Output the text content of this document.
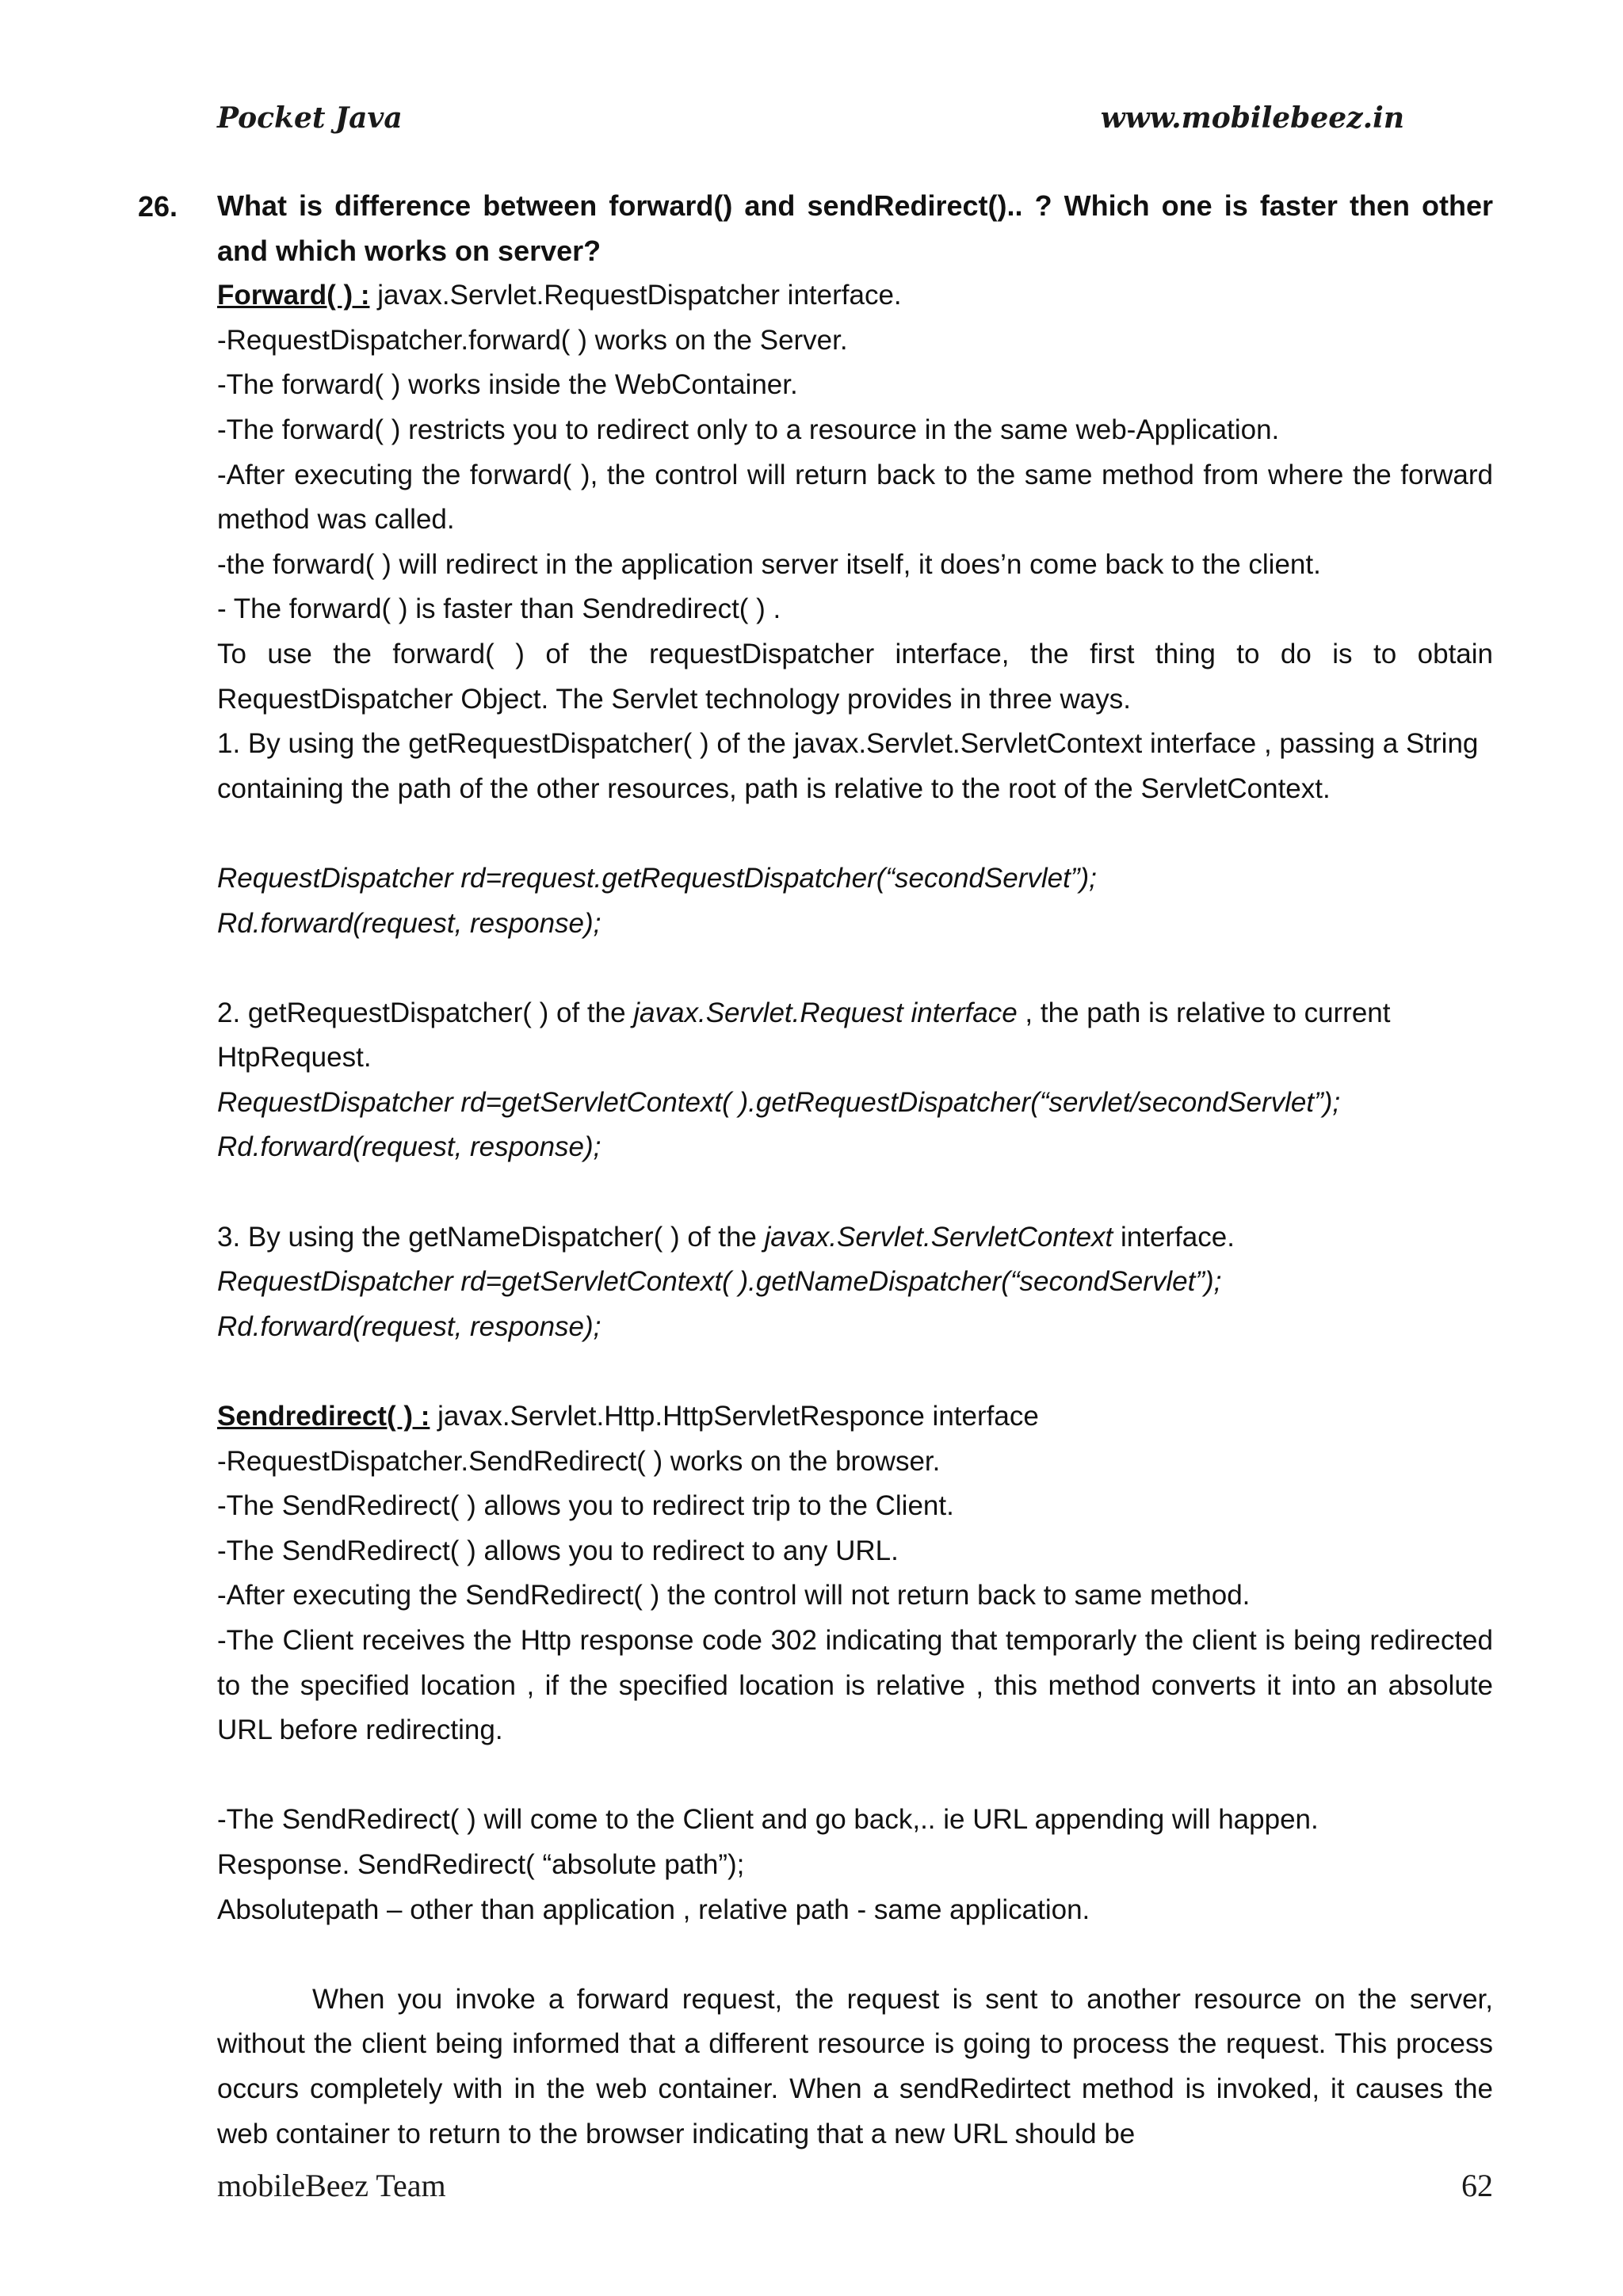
Pocket Java	www.mobilebeez.in
26. What is difference between forward() and sendRedirect().. ? Which one is faster then other and which works on server?

Forward( ) : javax.Servlet.RequestDispatcher interface.

-RequestDispatcher.forward( ) works on the Server.

-The forward( ) works inside the WebContainer.

-The forward( ) restricts you to redirect only to a resource in the same web-Application.

-After executing the forward( ), the control will return back to the same method from where the forward method was called.

-the forward( ) will redirect in the application server itself, it does’n come back to the client.

- The forward( ) is faster than Sendredirect( ) .

To use the forward( ) of the requestDispatcher interface, the first thing to do is to obtain RequestDispatcher Object. The Servlet technology provides in three ways.

1. By using the getRequestDispatcher( ) of the javax.Servlet.ServletContext interface , passing a String containing the path of the other resources, path is relative to the root of the ServletContext.

RequestDispatcher rd=request.getRequestDispatcher(“secondServlet”);

Rd.forward(request, response);

2. getRequestDispatcher( ) of the javax.Servlet.Request interface , the path is relative to current HtpRequest.

RequestDispatcher rd=getServletContext( ).getRequestDispatcher(“servlet/secondServlet”);

Rd.forward(request, response);

3. By using the getNameDispatcher( ) of the javax.Servlet.ServletContext interface.

RequestDispatcher rd=getServletContext( ).getNameDispatcher(“secondServlet”);

Rd.forward(request, response);

Sendredirect( ) : javax.Servlet.Http.HttpServletResponce interface

-RequestDispatcher.SendRedirect( ) works on the browser.

-The SendRedirect( ) allows you to redirect trip to the Client.

-The SendRedirect( ) allows you to redirect to any URL.

-After executing the SendRedirect( ) the control will not return back to same method.

-The Client receives the Http response code 302 indicating that temporarly the client is being redirected to the specified location , if the specified location is relative , this method converts it into an absolute URL before redirecting.

-The SendRedirect( ) will come to the Client and go back,.. ie URL appending will happen.

Response. SendRedirect( “absolute path”);

Absolutepath – other than application , relative path - same application.

When you invoke a forward request, the request is sent to another resource on the server, without the client being informed that a different resource is going to process the request. This process occurs completely with in the web container. When a sendRedirtect method is invoked, it causes the web container to return to the browser indicating that a new URL should be

mobileBeez Team	62
